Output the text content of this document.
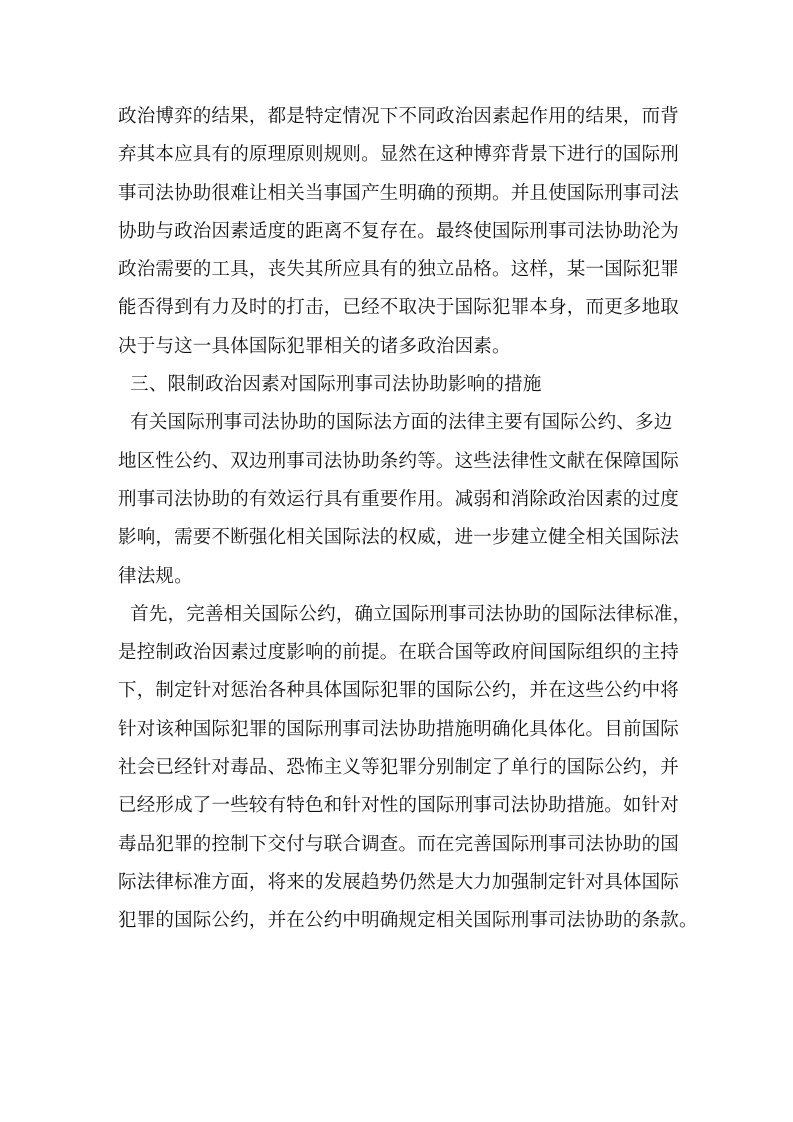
政治博弈的结果，都是特定情况下不同政治因素起作用的结果，而背
弃其本应具有的原理原则规则。显然在这种博弈背景下进行的国际刑
事司法协助很难让相关当事国产生明确的预期。并且使国际刑事司法
协助与政治因素适度的距离不复存在。最终使国际刑事司法协助沦为
政治需要的工具，丧失其所应具有的独立品格。这样，某一国际犯罪
能否得到有力及时的打击，已经不取决于国际犯罪本身，而更多地取
决于与这一具体国际犯罪相关的诸多政治因素。
三、限制政治因素对国际刑事司法协助影响的措施
有关国际刑事司法协助的国际法方面的法律主要有国际公约、多边
地区性公约、双边刑事司法协助条约等。这些法律性文献在保障国际
刑事司法协助的有效运行具有重要作用。减弱和消除政治因素的过度
影响，需要不断强化相关国际法的权威，进一步建立健全相关国际法
律法规。
首先，完善相关国际公约，确立国际刑事司法协助的国际法律标准，
是控制政治因素过度影响的前提。在联合国等政府间国际组织的主持
下，制定针对惩治各种具体国际犯罪的国际公约，并在这些公约中将
针对该种国际犯罪的国际刑事司法协助措施明确化具体化。目前国际
社会已经针对毒品、恐怖主义等犯罪分别制定了单行的国际公约，并
已经形成了一些较有特色和针对性的国际刑事司法协助措施。如针对
毒品犯罪的控制下交付与联合调查。而在完善国际刑事司法协助的国
际法律标准方面，将来的发展趋势仍然是大力加强制定针对具体国际
犯罪的国际公约，并在公约中明确规定相关国际刑事司法协助的条款。
